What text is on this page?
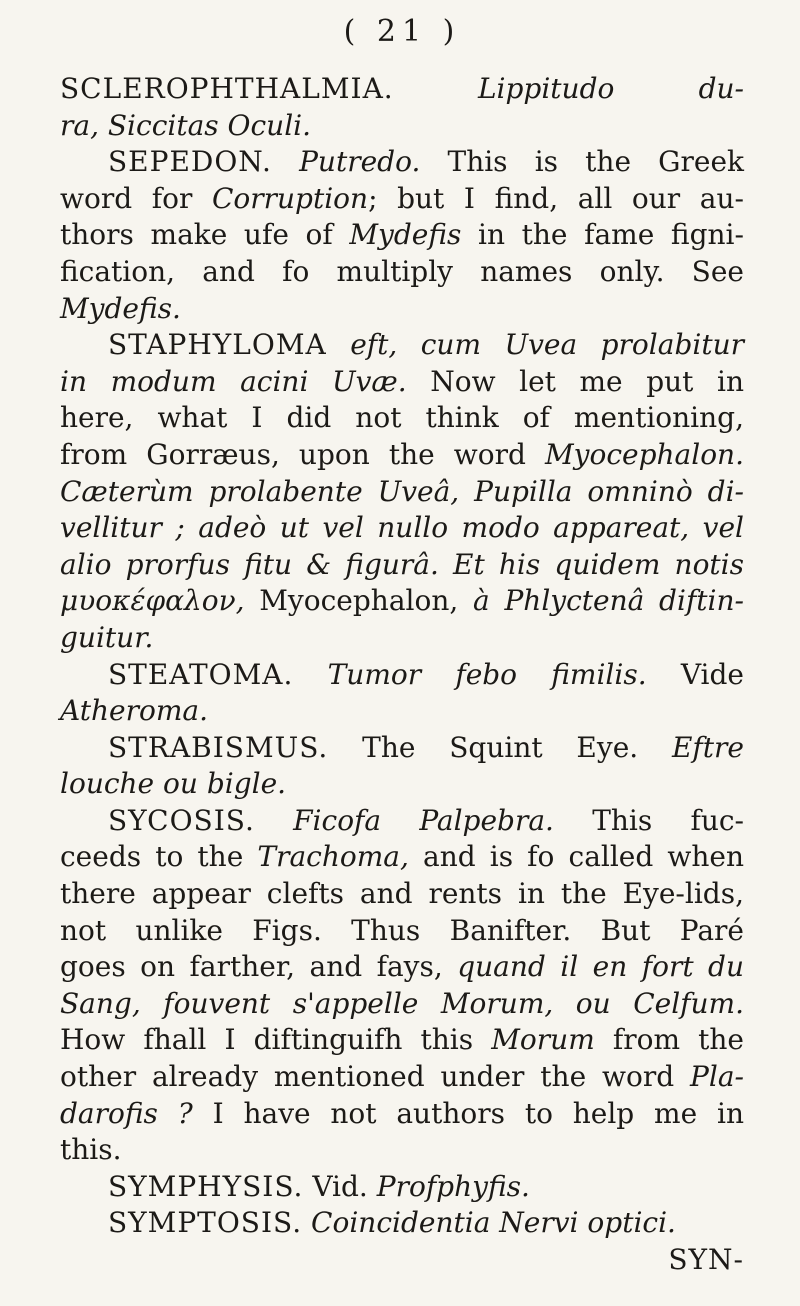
( 21 )

SCLEROPHTHALMIA.	Lippitudo du-

ra, Siccitas Oculi.

SEPEDON. Putredo. This is the Greek

word for Corruption; but I find, all our au-

thors make ufe of Mydefis in the fame figni-

fication, and fo multiply names only. See

Mydefis.

STAPHYLOMA eft, cum Uvea prolabitur

in modum acini Uvæ. Now let me put in

here, what I did not think of mentioning,

from Gorræus, upon the word Myocephalon.

Cæterùm prolabente Uveâ, Pupilla omninò di-

vellitur ; adeò ut vel nullo modo appareat, vel

alio prorfus fitu & figurâ. Et his quidem notis

μυοκέφαλον, Myocephalon, à Phlyctenâ diftin-

guitur.

STEATOMA. Tumor febo fimilis. Vide

Atheroma.

STRABISMUS. The Squint Eye. Eftre

louche ou bigle.

SYCOSIS. Ficofa Palpebra. This fuc-

ceeds to the Trachoma, and is fo called when

there appear clefts and rents in the Eye-lids,

not unlike Figs. Thus Banifter. But Paré

goes on farther, and fays, quand il en fort du

Sang, fouvent s'appelle Morum, ou Celfum.

How fhall I diftinguifh this Morum from the

other already mentioned under the word Pla-

darofis ? I have not authors to help me in

this.

SYMPHYSIS. Vid. Profphyfis.

SYMPTOSIS. Coincidentia Nervi optici.

SYN-
